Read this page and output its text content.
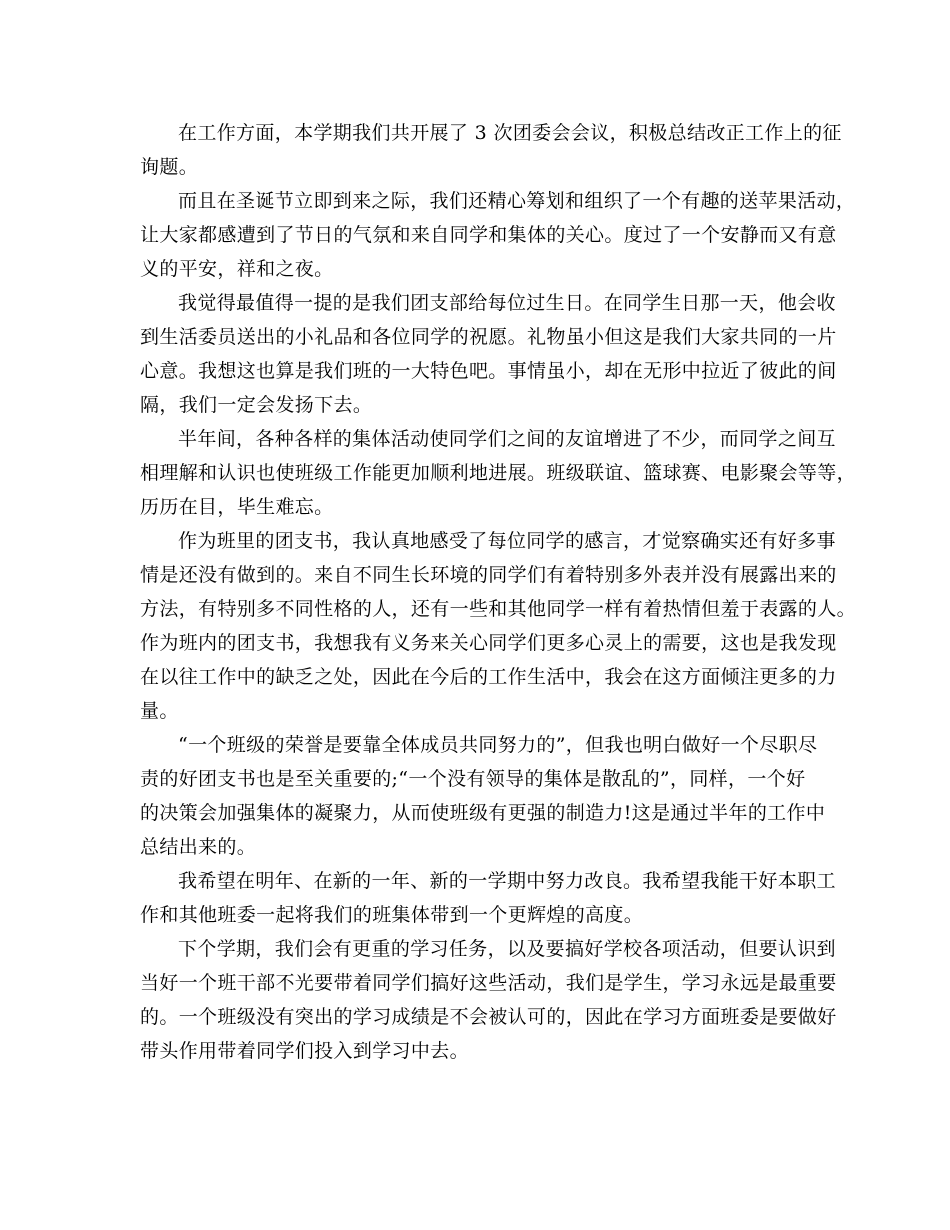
在工作方面，本学期我们共开展了 3 次团委会会议，积极总结改正工作上的征
询题。
而且在圣诞节立即到来之际，我们还精心筹划和组织了一个有趣的送苹果活动，
让大家都感遭到了节日的气氛和来自同学和集体的关心。度过了一个安静而又有意
义的平安，祥和之夜。
我觉得最值得一提的是我们团支部给每位过生日。在同学生日那一天，他会收
到生活委员送出的小礼品和各位同学的祝愿。礼物虽小但这是我们大家共同的一片
心意。我想这也算是我们班的一大特色吧。事情虽小，却在无形中拉近了彼此的间
隔，我们一定会发扬下去。
半年间，各种各样的集体活动使同学们之间的友谊增进了不少，而同学之间互
相理解和认识也使班级工作能更加顺利地进展。班级联谊、篮球赛、电影聚会等等，
历历在目，毕生难忘。
作为班里的团支书，我认真地感受了每位同学的感言，才觉察确实还有好多事
情是还没有做到的。来自不同生长环境的同学们有着特别多外表并没有展露出来的
方法，有特别多不同性格的人，还有一些和其他同学一样有着热情但羞于表露的人。
作为班内的团支书，我想我有义务来关心同学们更多心灵上的需要，这也是我发现
在以往工作中的缺乏之处，因此在今后的工作生活中，我会在这方面倾注更多的力
量。
“一个班级的荣誉是要靠全体成员共同努力的”，但我也明白做好一个尽职尽
责的好团支书也是至关重要的;“一个没有领导的集体是散乱的”，同样，一个好
的决策会加强集体的凝聚力，从而使班级有更强的制造力!这是通过半年的工作中
总结出来的。
我希望在明年、在新的一年、新的一学期中努力改良。我希望我能干好本职工
作和其他班委一起将我们的班集体带到一个更辉煌的高度。
下个学期，我们会有更重的学习任务，以及要搞好学校各项活动，但要认识到
当好一个班干部不光要带着同学们搞好这些活动，我们是学生，学习永远是最重要
的。一个班级没有突出的学习成绩是不会被认可的，因此在学习方面班委是要做好
带头作用带着同学们投入到学习中去。
